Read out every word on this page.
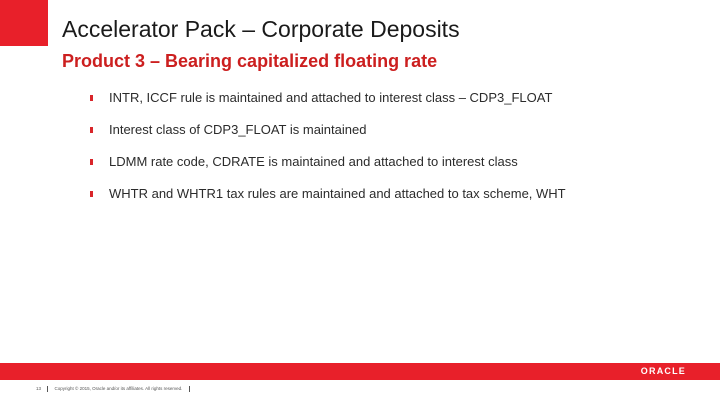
Accelerator Pack – Corporate Deposits
Product 3 – Bearing capitalized floating rate
INTR, ICCF rule is maintained and attached to interest class – CDP3_FLOAT
Interest class of CDP3_FLOAT is maintained
LDMM rate code, CDRATE is maintained and attached to interest class
WHTR and WHTR1 tax rules are maintained and attached to tax scheme, WHT
ORACLE
13	Copyright © 2015, Oracle and/or its affiliates. All rights reserved.
